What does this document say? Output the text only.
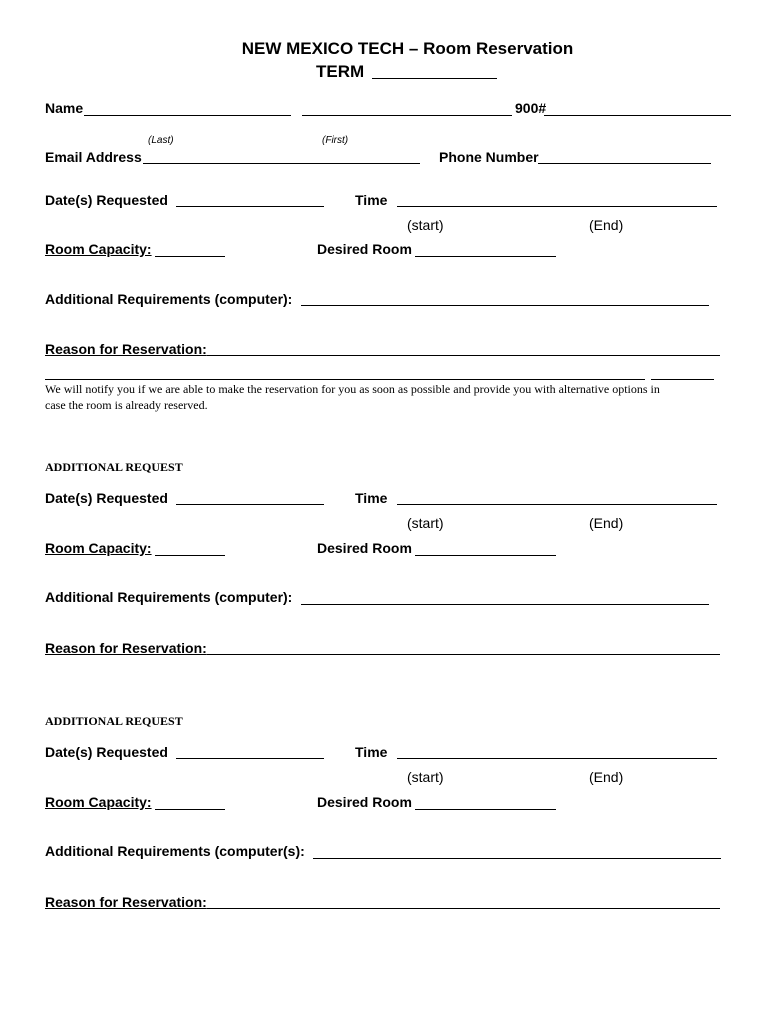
NEW MEXICO TECH – Room Reservation
TERM
Name	900#
(Last)	(First)
Email Address	Phone Number
Date(s) Requested	Time
(start)	(End)
Room Capacity:	Desired Room
Additional Requirements (computer):
Reason for Reservation:
We will notify you if we are able to make the reservation for you as soon as possible and provide you with alternative options in
case the room is already reserved.
ADDITIONAL REQUEST
Date(s) Requested	Time
(start)	(End)
Room Capacity:	Desired Room
Additional Requirements (computer):
Reason for Reservation:
ADDITIONAL REQUEST
Date(s) Requested	Time
(start)	(End)
Room Capacity:	Desired Room
Additional Requirements (computer(s):
Reason for Reservation:
